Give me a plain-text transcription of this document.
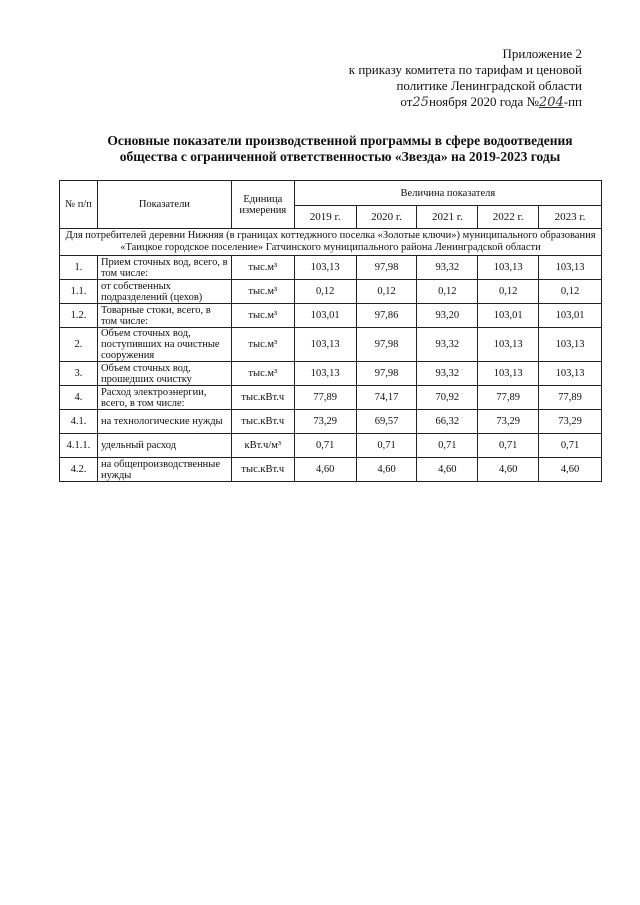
Приложение 2
к приказу комитета по тарифам и ценовой
политике Ленинградской области
от25ноября 2020 года №204-пп
Основные показатели производственной программы в сфере водоотведения
общества с ограниченной ответственностью «Звезда» на 2019-2023 годы
№ п/п	Показатели	Единица измерения	Величина показателя				
			2019 г.	2020 г.	2021 г.	2022 г.	2023 г.
Для потребителей деревни Нижняя (в границах коттеджного поселка «Золотые ключи») муниципального образования «Таицкое городское поселение» Гатчинского муниципального района Ленинградской области							
1.	Прием сточных вод, всего, в том числе:	тыс.м³	103,13	97,98	93,32	103,13	103,13
1.1.	от собственных подразделений (цехов)	тыс.м³	0,12	0,12	0,12	0,12	0,12
1.2.	Товарные стоки, всего, в том числе:	тыс.м³	103,01	97,86	93,20	103,01	103,01
2.	Объем сточных вод, поступивших на очистные сооружения	тыс.м³	103,13	97,98	93,32	103,13	103,13
3.	Объем сточных вод, прошедших очистку	тыс.м³	103,13	97,98	93,32	103,13	103,13
4.	Расход электроэнергии, всего, в том числе:	тыс.кВт.ч	77,89	74,17	70,92	77,89	77,89
4.1.	на технологические нужды	тыс.кВт.ч	73,29	69,57	66,32	73,29	73,29
4.1.1.	удельный расход	кВт.ч/м³	0,71	0,71	0,71	0,71	0,71
4.2.	на общепроизводственные нужды	тыс.кВт.ч	4,60	4,60	4,60	4,60	4,60
